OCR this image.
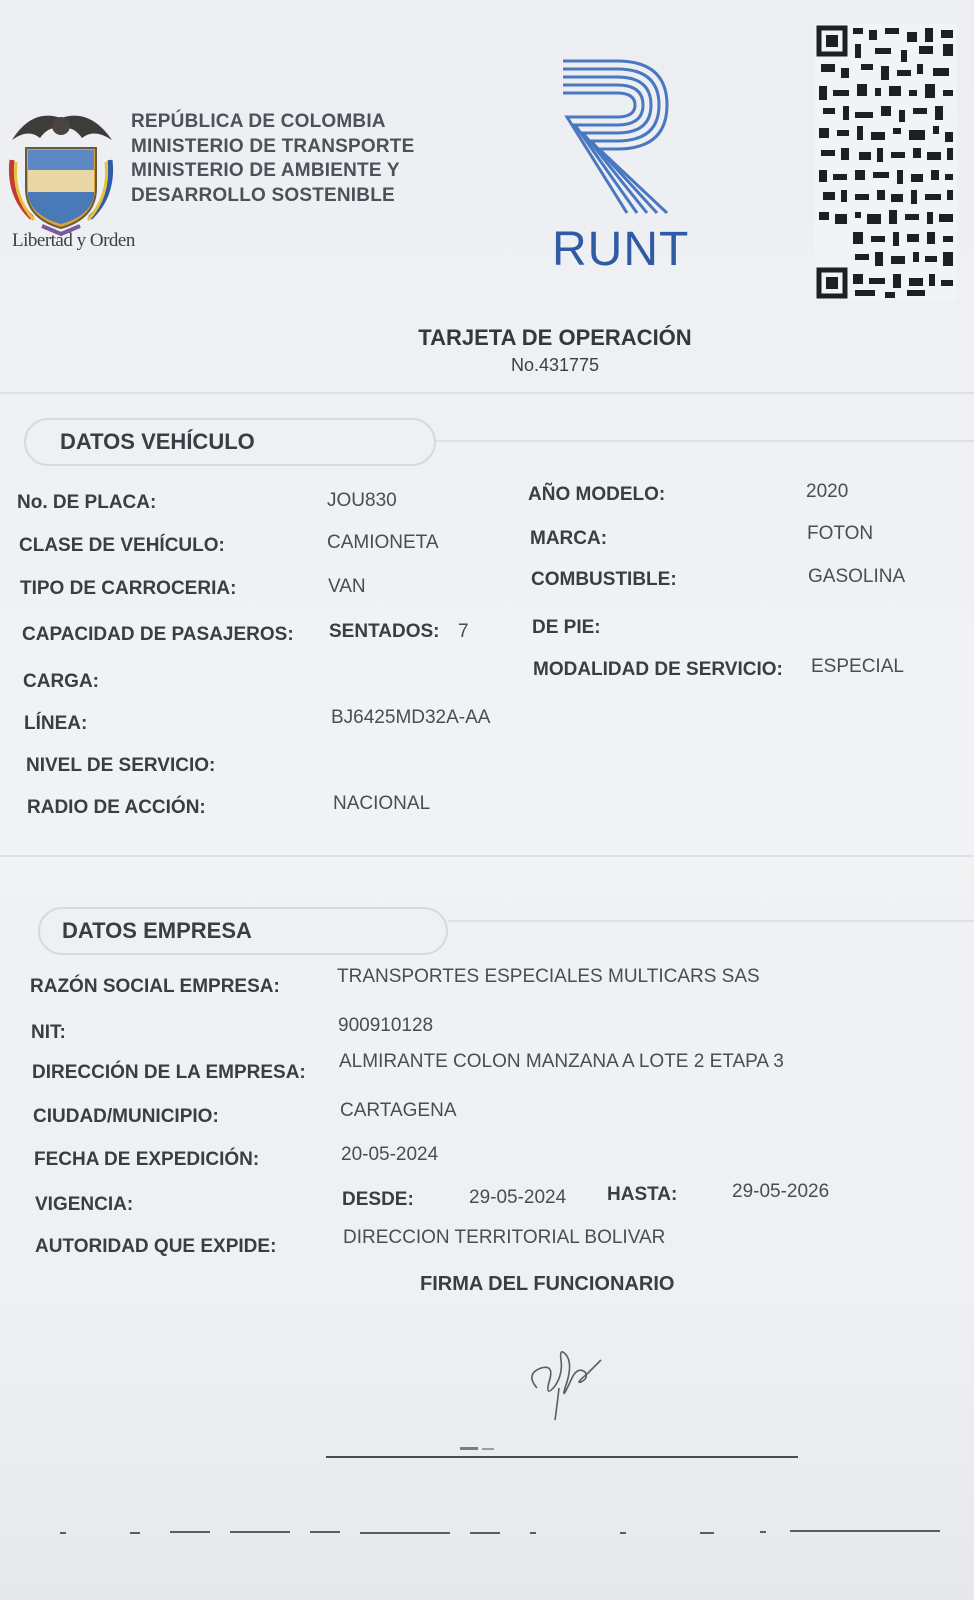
Libertad y Orden
REPÚBLICA DE COLOMBIA
MINISTERIO DE TRANSPORTE
MINISTERIO DE AMBIENTE Y
DESARROLLO SOSTENIBLE
RUNT
TARJETA DE OPERACIÓN
No.431775
DATOS VEHÍCULO
No. DE PLACA:	JOU830
CLASE DE VEHÍCULO:	CAMIONETA
TIPO DE CARROCERIA:	VAN
CAPACIDAD DE PASAJEROS: SENTADOS: 7
CARGA:
LÍNEA:	BJ6425MD32A-AA
NIVEL DE SERVICIO:
RADIO DE ACCIÓN:	NACIONAL
AÑO MODELO:	2020
MARCA:	FOTON
COMBUSTIBLE:	GASOLINA
DE PIE:
MODALIDAD DE SERVICIO: ESPECIAL
DATOS EMPRESA
RAZÓN SOCIAL EMPRESA:	TRANSPORTES ESPECIALES MULTICARS SAS
NIT:	900910128
DIRECCIÓN DE LA EMPRESA:
ALMIRANTE COLON MANZANA A LOTE 2 ETAPA 3
CIUDAD/MUNICIPIO:	CARTAGENA
FECHA DE EXPEDICIÓN:	20-05-2024
VIGENCIA:	DESDE:	29-05-2024 HASTA:	29-05-2026
AUTORIDAD QUE EXPIDE:	DIRECCION TERRITORIAL BOLIVAR
FIRMA DEL FUNCIONARIO
